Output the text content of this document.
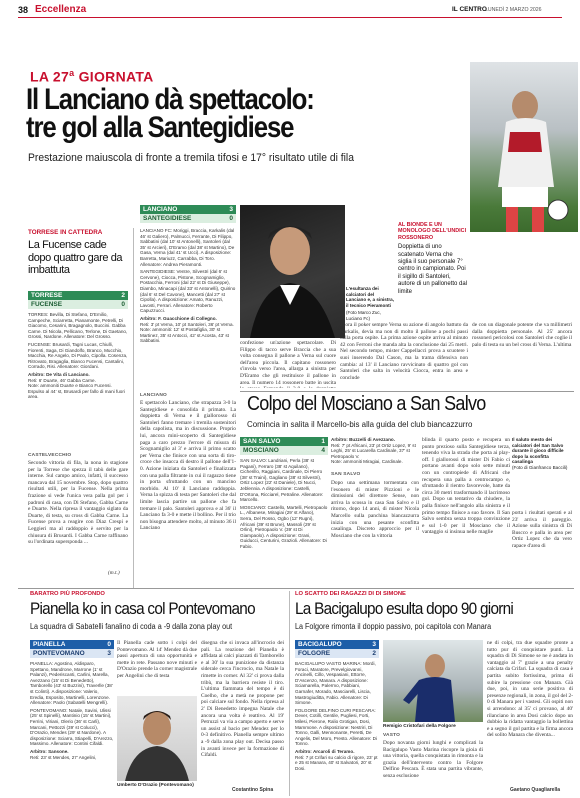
38 Eccellenza	IL CENTRO
LUNEDÌ 2 MARZO 2026
LA 27$^a$ GIORNATA
Il Lanciano dà spettacolo:
tre gol alla Santegidiese
Prestazione maiuscola di fronte a tremila tifosi e 17° risultato utile di fila
TORRESE IN CATTEDRA
La Fucense cade dopo quattro gare da imbattuta
TORRESE	2
FUCENSE	0

TORRES: Bevilla, Di Stefano, D'Emilio, Campeche, Sciarretta, Pianamonte, Petrelli, Di Giacomo, Cesarini, Bragagnolo, Buccini. Gabba Carne. Di Nicola, Pellicano, Terlone, Di Gaetano, Grossi, Nardone. Allenatore: Del Grosso.

FUCENSE: Brusardi, Tagni Lucas, Chiulli, Fiorenti, Saga, Di Giandolfo, Branco, Mucchio, Macchia, Re Angelo, Di Paolo, Cipolla. Cosenza, Ritrovato, Bragaglia, Bianco Fucensi, Cantalini, Corrado, Risi. Allenatore: Giordani.

Arbitro: De Vita di Lanciano.

Reti: 6' Duarte, 46' Gabba Carne.

Note: ammoniti Duarte e Bianco Fucensi. Espulso al 44' st, Brusardi per fallo di mani fuori area.

CASTELVECCHIO
Secondo vittoria di fila, la nona in stagione per la Torrese che spezza il tabù delle gare interne. Sul campo amico, infatti, il successo mancava dal 15 novembre. Stop, dopo quattro risultati utili, per la Fucense. Nella prima frazione si vede l'unica vera palla gol per i padroni di casa, con Di Stefano, Gabba Carne e Duarte. Nella ripresa il vantaggio siglato da Duarte, di testa, su cross di Gabba Carne. La Fucense prova a reagire con Diaz Crespi e Leggieri ma al raddoppio è servito per la chiusura di Brusardi. I Gabba Carne raffinano su l'ordinata supersponda ...
(m.t.)
LANCIANO	3
SANTEGIDIESE	0

LANCIANO FC: Moriggi, Braccia, Karkalis (dal 46' st Galiero), Palmucci, Ferrante, Di Filippo, Sabbatini (dal 10' st Antonelli), Santoleri (dal 35' st Arcieri), D'Eramo (dal 38' st Martino), De Gasa, Verna (dal 41' st Ucci). A disposizione: Barretta, Mariuzz, Carrabba, Di Toro. Allenatore: Andrea Pieramonti.

SANTEGIDIESE: Ventre, Silvestri (dal 6' st Cervone), Ciocca, Pistone, Scognamiglio, Postacchia, Ferroni (dal 22' st Di Giuseppe), Diambo, Minacapi (dal 33' st Antonelli), Quirino (dal 6' st Del Cavone), Mancetti (dal 27' st Cipolla). A disposizione: Amato, Ranuzzi, Lavosti, Ferrari. Allenatore: Roberto Capuzzucci.

Arbitro: F. Guacchione di Collegno.

Reti: 3' pt Verna, 10' pt Santoleri, 36' pt Verna.

Note: ammoniti: 12' st Postafiglia, 30' st Martinez, 35' st Antocci, 42' st Acosta, 43' st Sabbatini.

L'esultanza dei calciatori del Lanciano e, a sinistra, il tecnico Pieramonti
(Foto Marco Zuc, Luciano Fc)
AL BIONDE E UN MONOLOGO DELL'UNDICI ROSSONERO
Doppietta di uno scatenato Verna che siglia il suo personale 7° centro in campionato. Poi il sigillo di Santoleri, autore di un pallonetto dal limite
LANCIANO
È spettacolo Lanciano, che strapazza 3-0 la Santegidiese e consolida il primato. La doppietta di Verna e il giallorosso di Santoleri fanno tremare i tremila sostenitori della capolista, ma in discussione. Proprio lui, ancora mini-scoperto di Santegidiese paga a caro prezzo l'errore di misura di Scognamiglio al 3' e arriva il primo scatto per Verna che finisce con una sorta di tiro-croce che insacca di destro il pallone dell'1-0. Azione iniziata da Santoleri e finalizzata con una palla filtrante in cui il ragazzo tiene in porta sfruttando con un mancino morbido. Al 10' il Lanciano raddoppia. Verna la spizza di testa per Santoleri che dal limite lascia partire un pallone che fa tremare il palo. Santoleri approva e al 36' il Lanciano fa 3-0 e mette il bollino. Per il trio non bisogna attendere molto, al minuto 36 il Lanciano
confezione un'azione spettacolare. Di Filippo di tacco serve Braccia che a sua volta consegna il pallone a Verna sul cuore dell'area piccola. Il capitano rossonero s'invola verso l'area, allarga a sinistra per D'Eramo che gli restituisce il pallone in area. Il numero 14 rossonero batte in uscita
allora il poker sempre Verna su azione di angolo battuto da Karkalis, devia ma non di molto il pallone a pochi passi dalla porta ospite. La prima azione ospite arriva al minuto 42 con Ferroni che manda alta la conclusione dai 25 metri. Nel secondo tempo, mister Cappellacci prova a scuotere i suoi inserendo Dal Cason, ma la trama difensiva non cambia: al 13' il Lanciano ravvicinato di quattro gol con Santoleri che salta in velocità Ciocca, entra in area e conclude
de con un diagonale potente che va millimetri dalla doppietta personale. Al 25' ancora rossoneri pericolosi con Santoleri che coglie il palo di testa su un bel cross di Verna. L'ultima
Colpo del Mosciano a San Salvo
Comincia in salita il Marcello-bis alla guida del club biancazzurro
SAN SALVO	1
MOSCIANO	4

SAN SALVO: Landriani, Perla (38' st Pagani), Ferraro (38' st Aquilano), Cicherillo, Raggiani, Cardinale, Di Pierro (38' st Traini), Gagliano (38' st Silvestri), Ortiz Lopez (22' st Daniele), Di Nucci, Jeblennia. A disposizione: Castelli, D'Ortona, Ricciarel, Petraline. Allenatore: Marcello.

MOSCIANO: Castello, Martelli, Pietropaolo L., Albanese, Miragiai (29' st Alfano), Serra, Del Rosso, Ogbo (12' Rugni), Africani (39' st Brune), Massoli (29' st Orlini), Pietropaolo V. (39' st Di Giampaolo). A disposizione: Grani, Guiducci, Centurini, Grazioli. Allenatore: Di Fabio.

Arbitro: Buzzelli di Avezzano.

Reti: 7' pt Africani, 23' pt Ortiz Lopez, 9' st Leghi, 25' st Lucarella Cardinale, 37' st Pietropaolo V.

Note: ammoniti Miragiai, Cardinale.

SAN SALVO
Dopo una settimana tormentata con l'esonero di mister Pizzioni e le dimissioni del direttore Sense, non arriva la scossa in casa San Salvo e il ritorno, dopo 14 anni, di mister Nicola Marcello sulla panchina biancazzurra inizia con una pesante sconfitta casalinga. Discreto approccio per il Mosciano che con la vittoria
blinda il quarto posto e recupera un punto prezioso sulla Santegidiese terza, tenendo viva la strada che porta ai play-off. I giallorossi di mister Di Fabio ci portano avanti dopo solo sette minuti con un contropiede di Africani che recupera una palla a centrocampo e, sfruttando il rientro favorevole, batte da circa 30 metri trasformando il lacrimoso gol. Dopo un tentativo da chiudere, la palla finisce nell'angolo alla sinistra e il primo tempo finisce a suo favore. Il San Salvo sembra senza troppa convinzione e sul 1-0 per il Mosciano che il vantaggio si insinua nelle maglie
Il saluto mesto dei calciatori del San Salvo durante il gioco difficile dopo la sconfitta casalinga
(Foto di Gianfranco Baccili)
porta i risultati sperati e al 23' arriva il pareggio. Azione sulla sinistra di Di Buscco e palla in area per Ortiz Lopez che da vero rapace d'area di
BARATRO PIÙ PROFONDO
Pianella ko in casa col Pontevomano
La squadra di Sabatelli fanalino di coda a -9 dalla zona play out
PIANELLA	0
PONTEVOMANO	3

PIANELLA: Agostino, Aldisparo, Spettano, Mandrone, Marrone (1' st Palanzi), Pederiscanti, Carlini, Marella, Avezzano (15' st Di Benedetto), Tamborello (43' st Buzzini), Traverlle (38' st Colinti). A disposizione: Valerio, Eredia, Esposito, Martinelli, Lorenzone. Allenatore: Paolo (Sabatelli Mengrelli).

PONTEVOMANO: Natale, Savini, Ulissi (25' st Spinelli), Mantinio (15' st Martini), Ferrini, Viriani, Olerio (36' st Carli), Marcani, Pettozzi (39' st Colucci), D'Orazio, Mendes (29' st Nardone). A disposizione: Sciarra, Stiapelli, D'Arezzo, Massimo. Allenatore: Contini Cifaldi.

Arbitro: Sansone.

Reti: 23' st Mendes, 27' Angelini,

Il Pianella cade sotto i colpi del Pontevomano. Al 14' Mendez dà due passi apertura di una opportunità e mette in rete. Passano nove minuti e D'Orazio prende la corner magistrale per Angelini che di testa
Umberto D'Orazio (Pontevomano)
disegna che si invaca all'incrocio dei pali. La reazione del Pianella è affidata ai calci piazzati di Tamborello e al 30' la sua punizione da distanza siderale cerca l'incrocio, ma Natale la rimette in corner. Al 32' ci prova dalla tribù, ma la barriera resiste il tiro. L'ultima fiammata del tempo è di Coelho, che a metà ne propone per poi calciare sul fondo. Nella ripresa al 2' Di Benedetto impegna Natale che ancora una volta è reattivo. Al 19' Petruzzi va via a campo aperto e serve un assist al bacio per Mendez per lo 0-3 definitivo. Pianella sempre ultimo a -9 dalla zona play out. Decisa passo in avanti invece per la formazione di Cifaldi.
Costantino Spina
LO SCATTO DEI RAGAZZI DI DI SIMONE
La Bacigalupo esulta dopo 90 giorni
La Folgore rimonta il doppio passivo, poi capitola con Manara
BACIGALUPO	3
FOLGORE	2

BACIGALUPO VASTO MARINA: Mordi, Foraci, Maratore, Prevelgiovanni, Ancinelli, Cillo, Vespasiani, Ettorre, D'Ascenzo, Manara. A disposizione: Sciamarella, Palermo, Fabbiani, Garnafer, Morado, Masciarelli, Liscia, Mastrogiuditta, Fabio. Allenatore: Di Simone.

FOLGORE DELFINO CURI PESCARA: Dever, Cotilli, Gentile, Pugliesi, Forti, Milesi, Pierone, Ralio Grotigan, Dosi, Mammone. A disposizione: Nestriri, Di Tonno, Galli, Mennonante, Peretti, De Angelis, Del Moro, Presto. Allenatore: Di Tonno.

Arbitro: Arcaroli di Teramo.

Reti: 7 pt Crifari su calcio di rigore, 23' pt e 25 st Manara, 40' st Salvatori, 20' st Dosi.

Remigio Cristofari della Folgore
VASTO
Dopo novanta giorni lunghi e complicati la Bacigalupo Vasto Marina riscopre la gioia di una vittoria, quella conquistata in rimonta e la grazia dell'intervento contro la Folgore Delfino Pescara. È stata una partita vibrante, senza esclusione
ne di colpi, tra due squadre pronte a tutto pur di conquistare punti. La squadra di Di Simone se ne è andata in vantaggio al 7' grazie a una penalty calciata da Crifari. La squadra di casa è partita subito fortissima, prima di subire la pressione con Manara. Già due, poi, in una serie positiva di presenze regionali, in zona, il gol del 2-0 di Manara per i vastesi. Gli ospiti non si arrendono: al 35' ci provano, al 40' rilanciano in area Dosi calcio dopo un dubbio la ridatta vantaggio la bollettina e a segno il gol partita e la firma ancora del solito Manara che diventa...
Gaetano Quagliarella
